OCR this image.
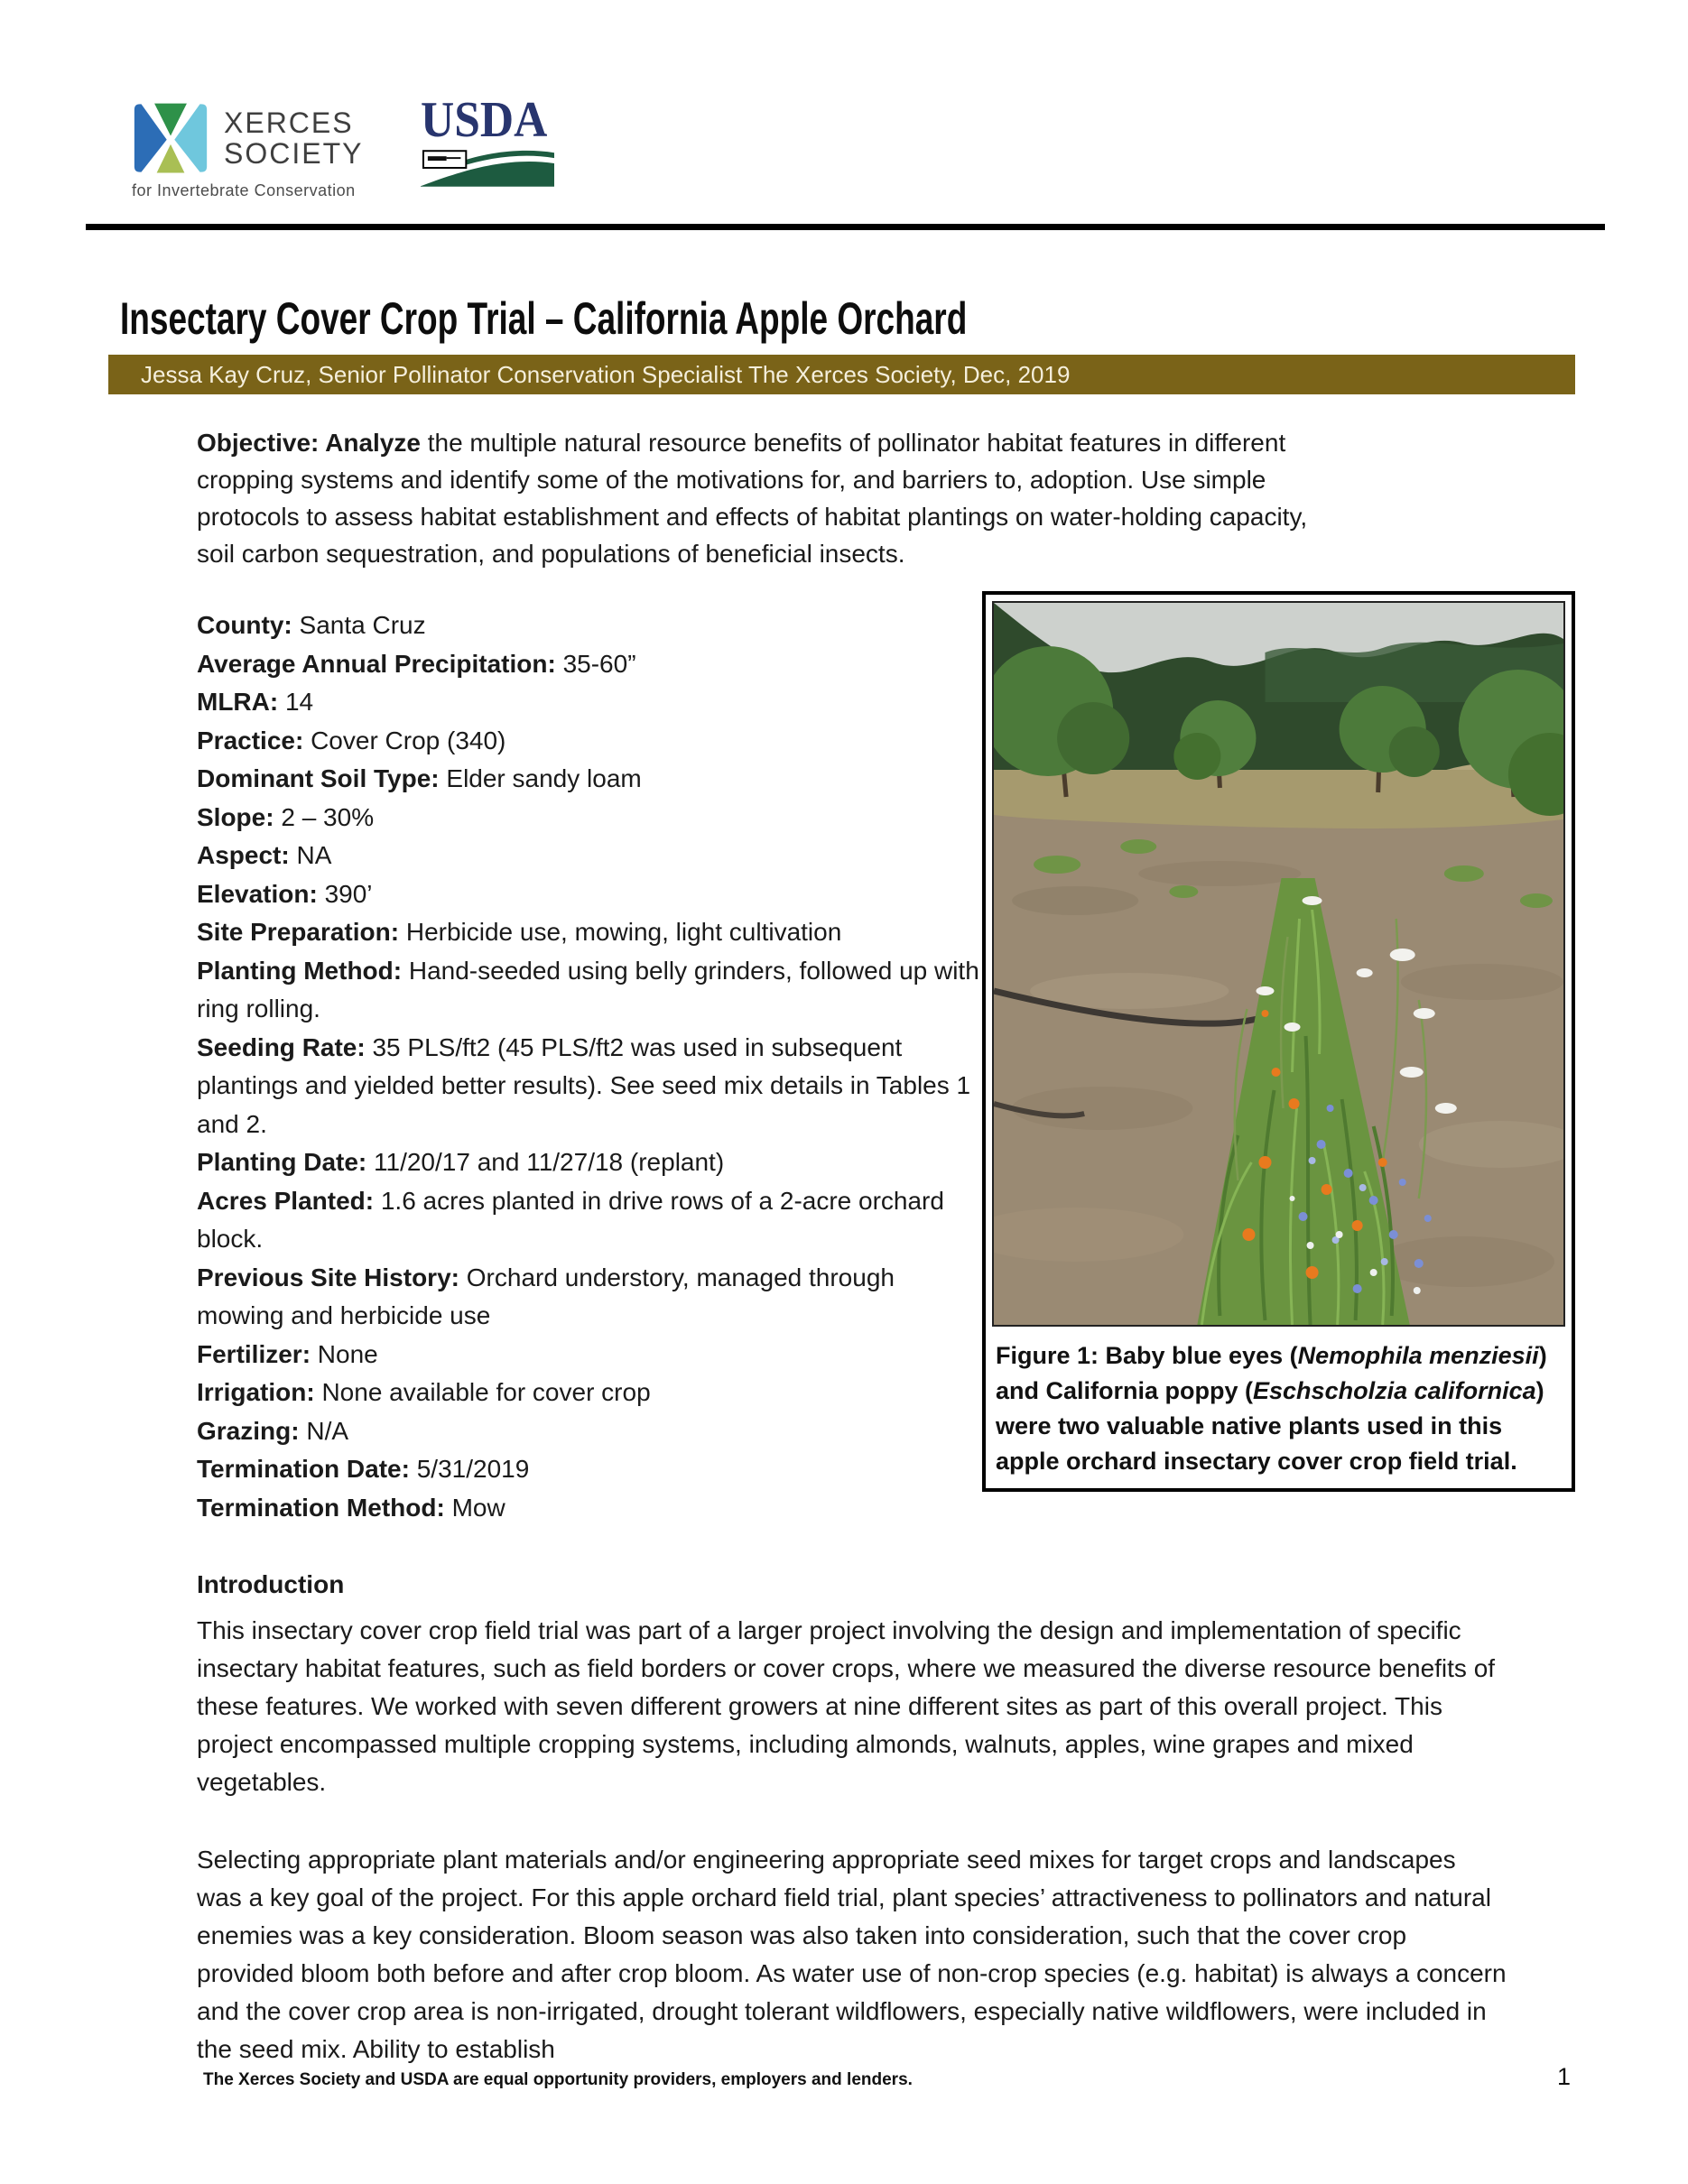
XERCES
SOCIETY
for Invertebrate Conservation
USDA
Insectary Cover Crop Trial – California Apple Orchard
Jessa Kay Cruz, Senior Pollinator Conservation Specialist The Xerces Society, Dec, 2019

Objective: Analyze the multiple natural resource benefits of pollinator habitat features in different cropping systems and identify some of the motivations for, and barriers to, adoption. Use simple protocols to assess habitat establishment and effects of habitat plantings on water-holding capacity, soil carbon sequestration, and populations of beneficial insects.

County: Santa Cruz
Average Annual Precipitation: 35-60”
MLRA: 14
Practice: Cover Crop (340)
Dominant Soil Type: Elder sandy loam
Slope: 2 – 30%
Aspect: NA
Elevation: 390’
Site Preparation: Herbicide use, mowing, light cultivation
Planting Method: Hand-seeded using belly grinders, followed up with ring rolling.
Seeding Rate: 35 PLS/ft2 (45 PLS/ft2 was used in subsequent plantings and yielded better results). See seed mix details in Tables 1 and 2.
Planting Date: 11/20/17 and 11/27/18 (replant)
Acres Planted: 1.6 acres planted in drive rows of a 2-acre orchard block.
Previous Site History: Orchard understory, managed through mowing and herbicide use
Fertilizer: None
Irrigation: None available for cover crop
Grazing: N/A
Termination Date: 5/31/2019
Termination Method: Mow
Figure 1: Baby blue eyes (Nemophila menziesii) and California poppy (Eschscholzia californica) were two valuable native plants used in this apple orchard insectary cover crop field trial.
Introduction

This insectary cover crop field trial was part of a larger project involving the design and implementation of specific insectary habitat features, such as field borders or cover crops, where we measured the diverse resource benefits of these features. We worked with seven different growers at nine different sites as part of this overall project. This project encompassed multiple cropping systems, including almonds, walnuts, apples, wine grapes and mixed vegetables.

Selecting appropriate plant materials and/or engineering appropriate seed mixes for target crops and landscapes was a key goal of the project. For this apple orchard field trial, plant species’ attractiveness to pollinators and natural enemies was a key consideration. Bloom season was also taken into consideration, such that the cover crop provided bloom both before and after crop bloom. As water use of non-crop species (e.g. habitat) is always a concern and the cover crop area is non-irrigated, drought tolerant wildflowers, especially native wildflowers, were included in the seed mix. Ability to establish

The Xerces Society and USDA are equal opportunity providers, employers and lenders.	1
